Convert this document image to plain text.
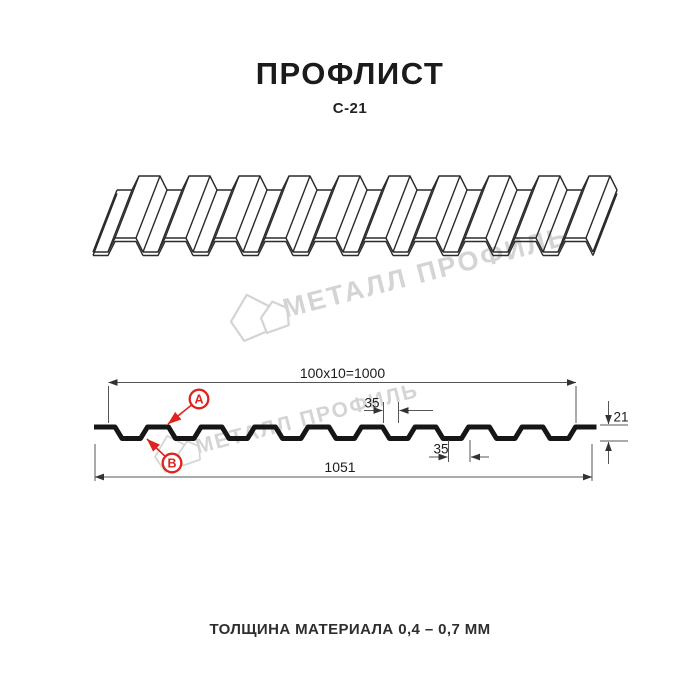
ПРОФЛИСТ
С-21
МЕТАЛЛ ПРОФИЛЬ
100x10=1000
1051
35
35
21
А
В
ТОЛЩИНА МАТЕРИАЛА 0,4 – 0,7 ММ
